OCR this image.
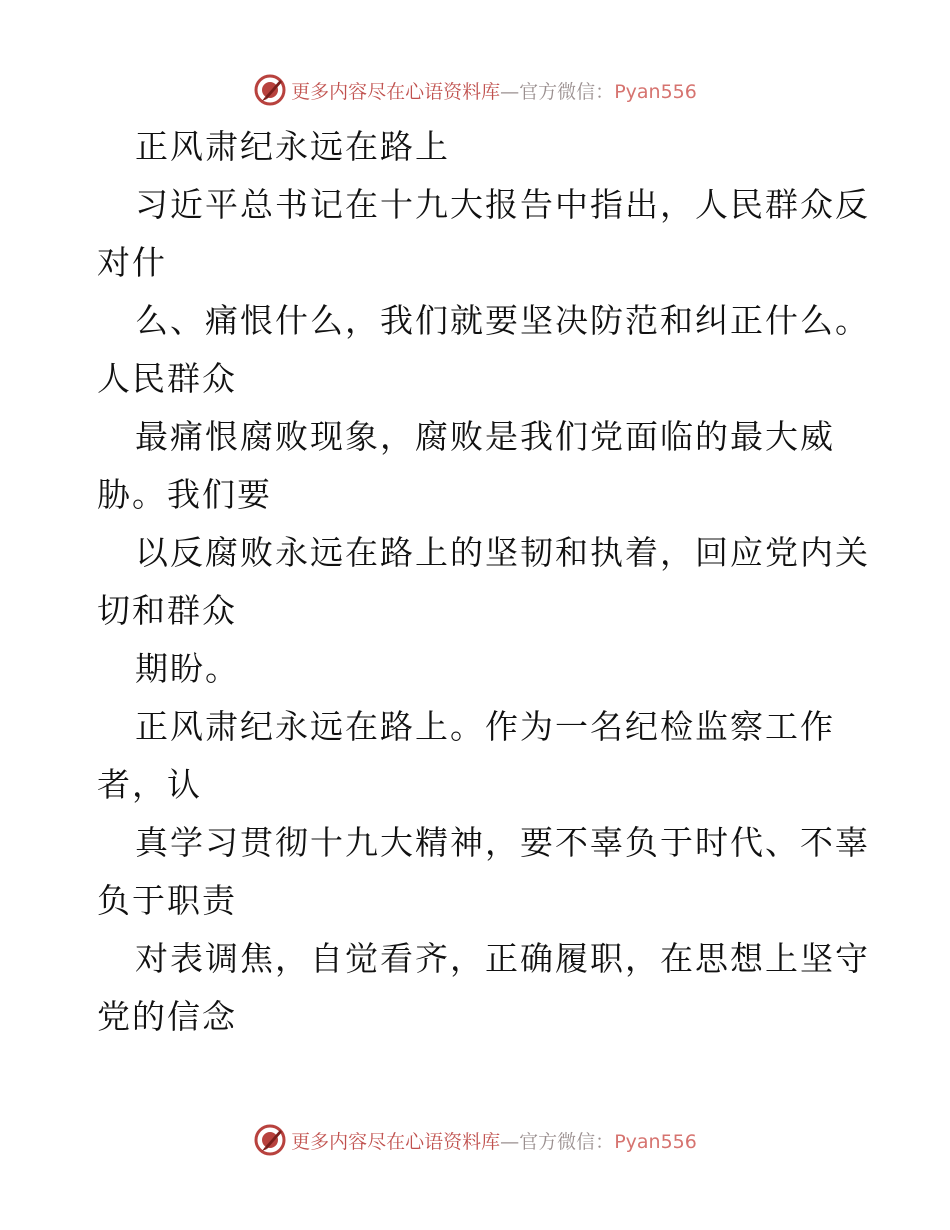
更多内容尽在心语资料库—官方微信：Pyan556
正风肃纪永远在路上
习近平总书记在十九大报告中指出，人民群众反
对什
么、痛恨什么，我们就要坚决防范和纠正什么。
人民群众
最痛恨腐败现象，腐败是我们党面临的最大威
胁。我们要
以反腐败永远在路上的坚韧和执着，回应党内关
切和群众
期盼。
正风肃纪永远在路上。作为一名纪检监察工作
者，认
真学习贯彻十九大精神，要不辜负于时代、不辜
负于职责
对表调焦，自觉看齐，正确履职，在思想上坚守
党的信念
更多内容尽在心语资料库—官方微信：Pyan556
